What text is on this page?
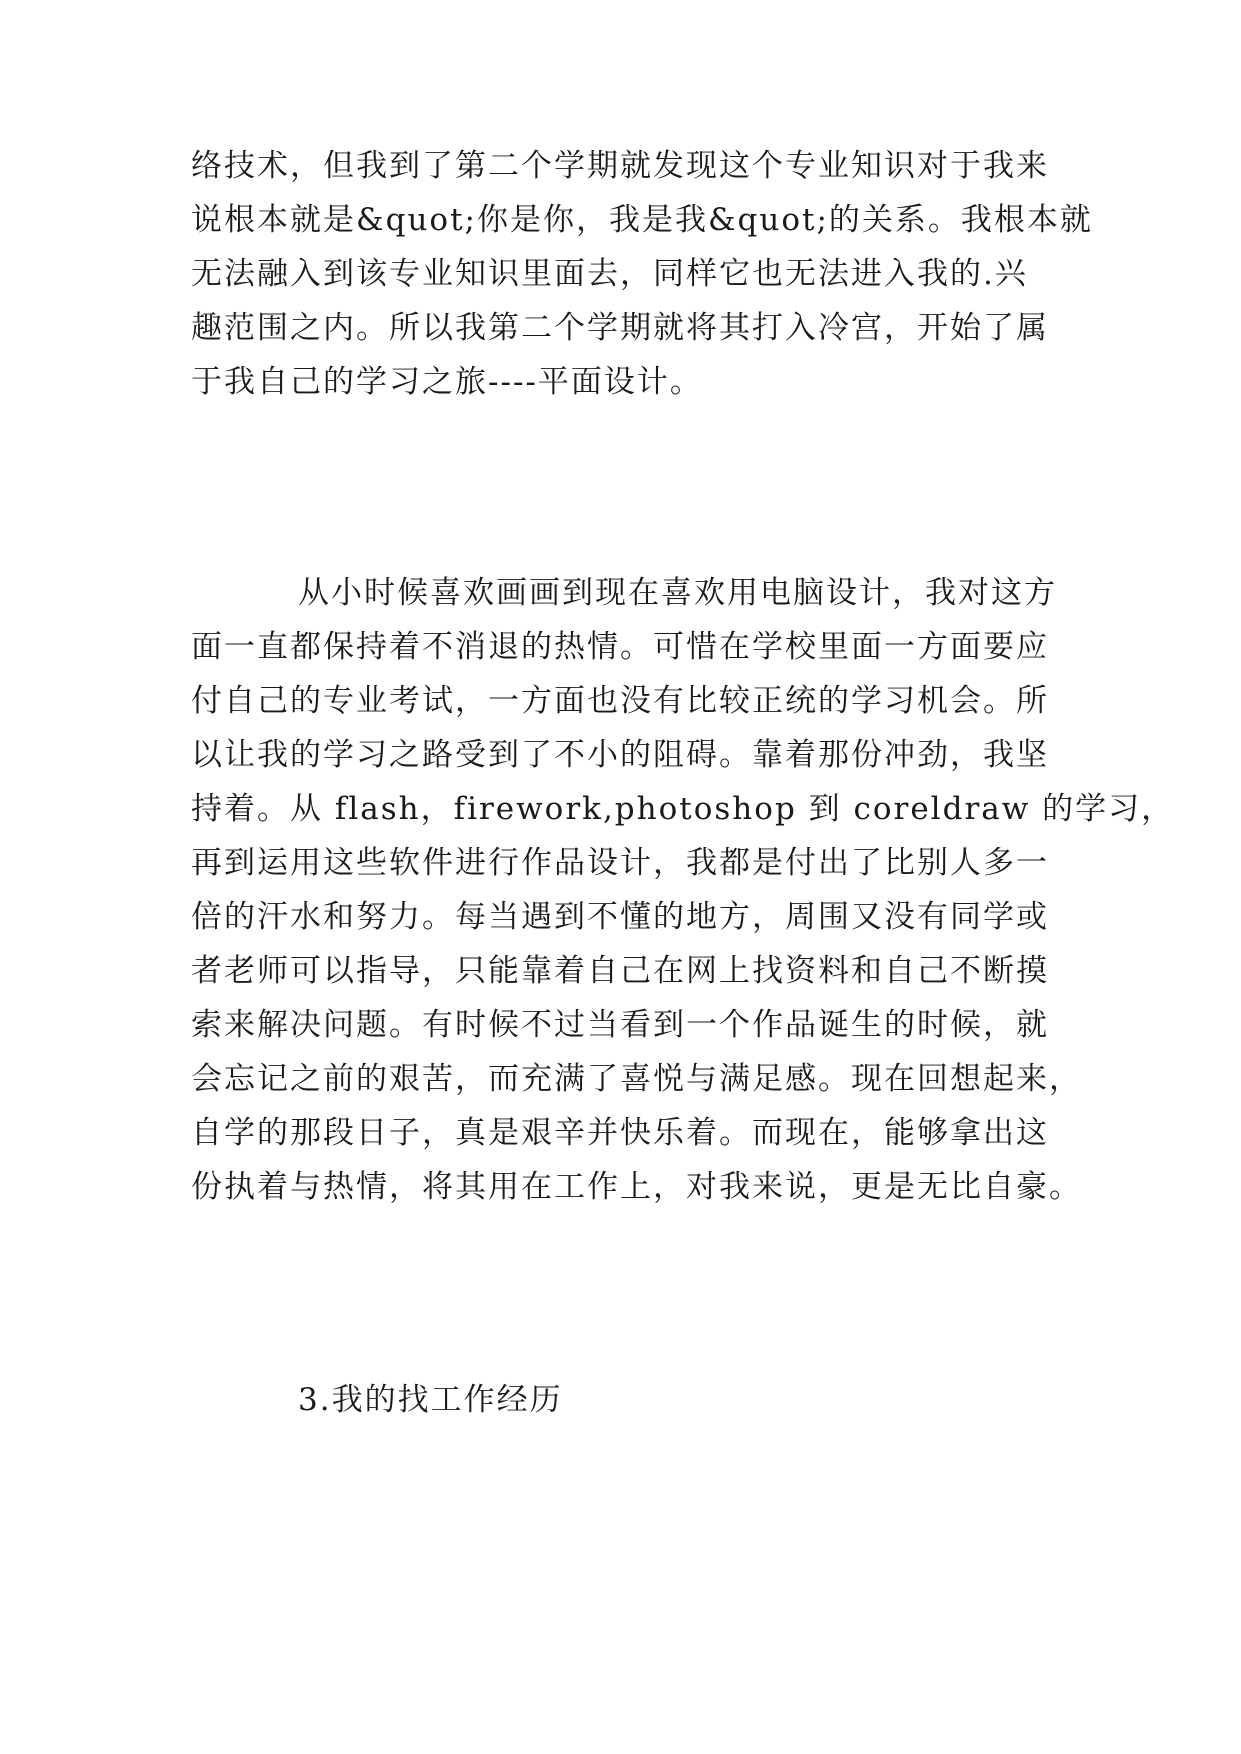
络技术，但我到了第二个学期就发现这个专业知识对于我来
说根本就是&quot;你是你，我是我&quot;的关系。我根本就
无法融入到该专业知识里面去，同样它也无法进入我的.兴
趣范围之内。所以我第二个学期就将其打入冷宫，开始了属
于我自己的学习之旅----平面设计。
从小时候喜欢画画到现在喜欢用电脑设计，我对这方
面一直都保持着不消退的热情。可惜在学校里面一方面要应
付自己的专业考试，一方面也没有比较正统的学习机会。所
以让我的学习之路受到了不小的阻碍。靠着那份冲劲，我坚
持着。从 flash，firework,photoshop 到 coreldraw 的学习，
再到运用这些软件进行作品设计，我都是付出了比别人多一
倍的汗水和努力。每当遇到不懂的地方，周围又没有同学或
者老师可以指导，只能靠着自己在网上找资料和自己不断摸
索来解决问题。有时候不过当看到一个作品诞生的时候，就
会忘记之前的艰苦，而充满了喜悦与满足感。现在回想起来，
自学的那段日子，真是艰辛并快乐着。而现在，能够拿出这
份执着与热情，将其用在工作上，对我来说，更是无比自豪。
3.我的找工作经历
